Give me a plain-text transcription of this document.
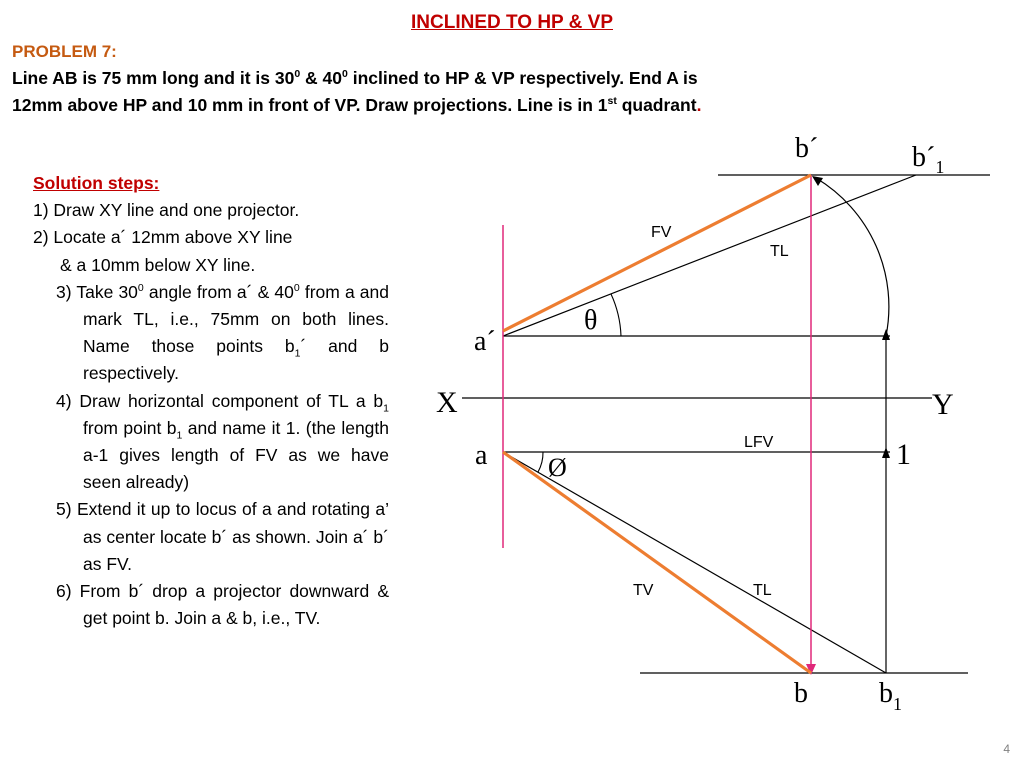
INCLINED TO HP & VP
PROBLEM 7:
Line AB is 75 mm long and it is $30^0$ & $40^0$ inclined to HP & VP respectively. End A is
12mm above HP and 10 mm in front of VP. Draw projections. Line is in 1st quadrant.
Solution steps:
1) Draw XY line and one projector.
2) Locate a´ 12mm above XY line
& a 10mm below XY line.
3) Take $30^0$ angle from a´ & $40^0$ from a and mark TL, i.e., 75mm on both lines. Name those points $b_1´$ and b respectively.
4) Draw horizontal component of TL a $b_1$ from point $b_1$ and name it 1. (the length a-1 gives length of FV as we have seen already)
5) Extend it up to locus of a and rotating a’ as center locate b´ as shown. Join a´ b´ as FV.
6) From b´ drop a projector downward & get point b. Join a & b, i.e., TV.
b´	$b´_1$
FV
TL
θ
a´
X	Y
a	LFV	1
Ø
TV	TL
b	$b_1$
4
